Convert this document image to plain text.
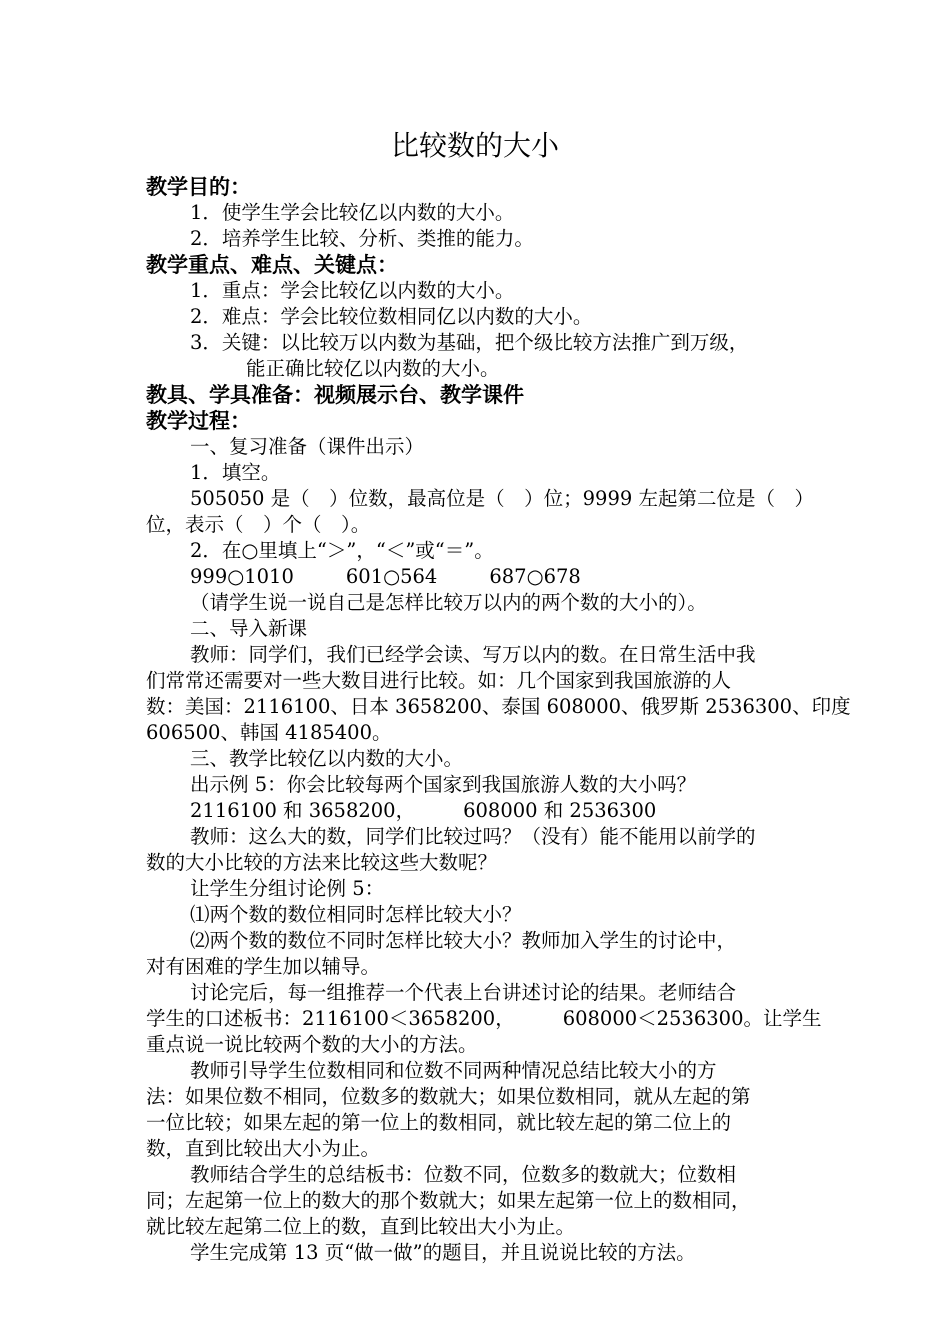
比较数的大小
教学目的：
1．使学生学会比较亿以内数的大小。
2．培养学生比较、分析、类推的能力。
教学重点、难点、关键点：
1．重点：学会比较亿以内数的大小。
2．难点：学会比较位数相同亿以内数的大小。
3．关键：以比较万以内数为基础，把个级比较方法推广到万级，
能正确比较亿以内数的大小。
教具、学具准备：视频展示台、教学课件
教学过程：
一、复习准备（课件出示）
1．填空。
505050 是（　）位数，最高位是（　）位；9999 左起第二位是（　）
位，表示（　）个（　）。
2．在○里填上“＞”，“＜”或“＝”。
999○1010	601○564	687○678
（请学生说一说自己是怎样比较万以内的两个数的大小的）。
二、导入新课
教师：同学们，我们已经学会读、写万以内的数。在日常生活中我
们常常还需要对一些大数目进行比较。如：几个国家到我国旅游的人
数：美国：2116100、日本 3658200、泰国 608000、俄罗斯 2536300、印度
606500、韩国 4185400。
三、教学比较亿以内数的大小。
出示例 5：你会比较每两个国家到我国旅游人数的大小吗？
2116100 和 3658200， 608000 和 2536300
教师：这么大的数，同学们比较过吗？（没有）能不能用以前学的
数的大小比较的方法来比较这些大数呢？
让学生分组讨论例 5：
⑴两个数的数位相同时怎样比较大小？
⑵两个数的数位不同时怎样比较大小？教师加入学生的讨论中，
对有困难的学生加以辅导。
讨论完后，每一组推荐一个代表上台讲述讨论的结果。老师结合
学生的口述板书：2116100＜3658200， 608000＜2536300。让学生
重点说一说比较两个数的大小的方法。
教师引导学生位数相同和位数不同两种情况总结比较大小的方
法：如果位数不相同，位数多的数就大；如果位数相同，就从左起的第
一位比较；如果左起的第一位上的数相同，就比较左起的第二位上的
数，直到比较出大小为止。
教师结合学生的总结板书：位数不同，位数多的数就大；位数相
同；左起第一位上的数大的那个数就大；如果左起第一位上的数相同，
就比较左起第二位上的数，直到比较出大小为止。
学生完成第 13 页“做一做”的题目，并且说说比较的方法。
